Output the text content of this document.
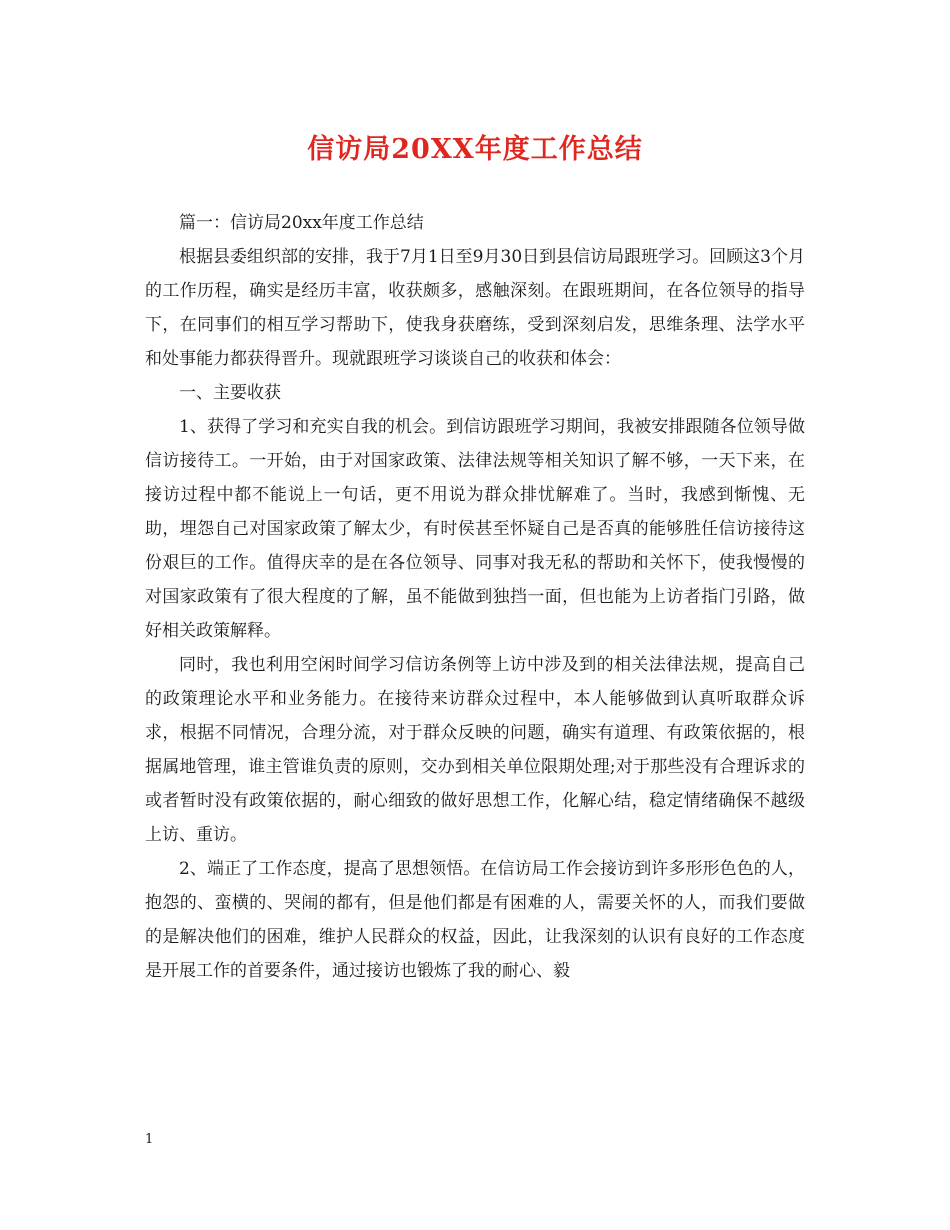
信访局20XX年度工作总结

篇一：信访局20xx年度工作总结

根据县委组织部的安排，我于7月1日至9月30日到县信访局跟班学习。回顾这3个月的工作历程，确实是经历丰富，收获颇多，感触深刻。在跟班期间，在各位领导的指导下，在同事们的相互学习帮助下，使我身获磨练，受到深刻启发，思维条理、法学水平和处事能力都获得晋升。现就跟班学习谈谈自己的收获和体会：

一、主要收获

1、获得了学习和充实自我的机会。到信访跟班学习期间，我被安排跟随各位领导做信访接待工。一开始，由于对国家政策、法律法规等相关知识了解不够，一天下来，在接访过程中都不能说上一句话，更不用说为群众排忧解难了。当时，我感到惭愧、无助，埋怨自己对国家政策了解太少，有时侯甚至怀疑自己是否真的能够胜任信访接待这份艰巨的工作。值得庆幸的是在各位领导、同事对我无私的帮助和关怀下，使我慢慢的对国家政策有了很大程度的了解，虽不能做到独挡一面，但也能为上访者指门引路，做好相关政策解释。

同时，我也利用空闲时间学习信访条例等上访中涉及到的相关法律法规，提高自己的政策理论水平和业务能力。在接待来访群众过程中，本人能够做到认真听取群众诉求，根据不同情况，合理分流，对于群众反映的问题，确实有道理、有政策依据的，根据属地管理，谁主管谁负责的原则，交办到相关单位限期处理;对于那些没有合理诉求的或者暂时没有政策依据的，耐心细致的做好思想工作，化解心结，稳定情绪确保不越级上访、重访。

2、端正了工作态度，提高了思想领悟。在信访局工作会接访到许多形形色色的人，抱怨的、蛮横的、哭闹的都有，但是他们都是有困难的人，需要关怀的人，而我们要做的是解决他们的困难，维护人民群众的权益，因此，让我深刻的认识有良好的工作态度是开展工作的首要条件，通过接访也锻炼了我的耐心、毅

1
